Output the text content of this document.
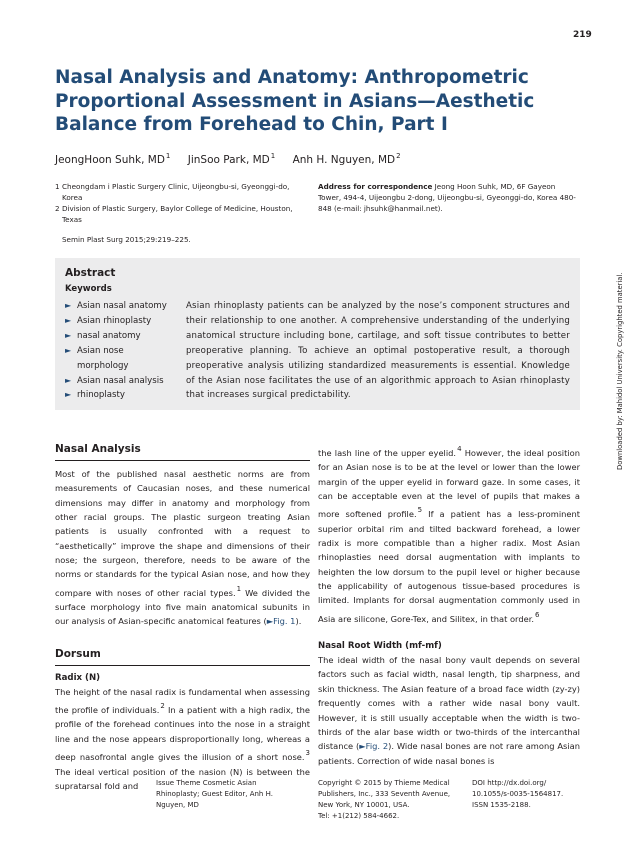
219
Nasal Analysis and Anatomy: Anthropometric Proportional Assessment in Asians—Aesthetic Balance from Forehead to Chin, Part I
JeongHoon Suhk, MD1 JinSoo Park, MD1 Anh H. Nguyen, MD2
1 Cheongdam i Plastic Surgery Clinic, Uijeongbu-si, Gyeonggi-do, Korea
2 Division of Plastic Surgery, Baylor College of Medicine, Houston, Texas
Address for correspondence Jeong Hoon Suhk, MD, 6F Gayeon Tower, 494-4, Uijeongbu 2-dong, Uijeongbu-si, Gyeonggi-do, Korea 480-848 (e-mail: jhsuhk@hanmail.net).
Semin Plast Surg 2015;29:219–225.
Abstract
Keywords
► Asian nasal anatomy
► Asian rhinoplasty
► nasal anatomy
► Asian nose morphology
► Asian nasal analysis
► rhinoplasty

Asian rhinoplasty patients can be analyzed by the nose’s component structures and their relationship to one another. A comprehensive understanding of the underlying anatomical structure including bone, cartilage, and soft tissue contributes to better preoperative planning. To achieve an optimal postoperative result, a thorough preoperative analysis utilizing standardized measurements is essential. Knowledge of the Asian nose facilitates the use of an algorithmic approach to Asian rhinoplasty that increases surgical predictability.	Downloaded by: Mahidol University. Copyrighted material.
Nasal Analysis

Most of the published nasal aesthetic norms are from measurements of Caucasian noses, and these numerical dimensions may differ in anatomy and morphology from other racial groups. The plastic surgeon treating Asian patients is usually confronted with a request to “aesthetically” improve the shape and dimensions of their nose; the surgeon, therefore, needs to be aware of the norms or standards for the typical Asian nose, and how they compare with noses of other racial types.$^1$ We divided the surface morphology into five main anatomical subunits in our analysis of Asian-specific anatomical features (►Fig. 1).

Dorsum
Radix (N)

The height of the nasal radix is fundamental when assessing the profile of individuals.$^2$ In a patient with a high radix, the profile of the forehead continues into the nose in a straight line and the nose appears disproportionally long, whereas a deep nasofrontal angle gives the illusion of a short nose.$^3$ The ideal vertical position of the nasion (N) is between the supratarsal fold and

the lash line of the upper eyelid.$^4$ However, the ideal position for an Asian nose is to be at the level or lower than the lower margin of the upper eyelid in forward gaze. In some cases, it can be acceptable even at the level of pupils that makes a more softened profile.$^5$ If a patient has a less-prominent superior orbital rim and tilted backward forehead, a lower radix is more compatible than a higher radix. Most Asian rhinoplasties need dorsal augmentation with implants to heighten the low dorsum to the pupil level or higher because the applicability of autogenous tissue-based procedures is limited. Implants for dorsal augmentation commonly used in Asia are silicone, Gore-Tex, and Silitex, in that order.$^6$

Nasal Root Width (mf-mf)

The ideal width of the nasal bony vault depends on several factors such as facial width, nasal length, tip sharpness, and skin thickness. The Asian feature of a broad face width (zy-zy) frequently comes with a rather wide nasal bony vault. However, it is still usually acceptable when the width is two-thirds of the alar base width or two-thirds of the intercanthal distance (►Fig. 2). Wide nasal bones are not rare among Asian patients. Correction of wide nasal bones is

Issue Theme Cosmetic Asian

Rhinoplasty; Guest Editor, Anh H.

Nguyen, MD

Copyright © 2015 by Thieme Medical

Publishers, Inc., 333 Seventh Avenue,

New York, NY 10001, USA.

Tel: +1(212) 584-4662.

DOI http://dx.doi.org/

10.1055/s-0035-1564817.

ISSN 1535-2188.
